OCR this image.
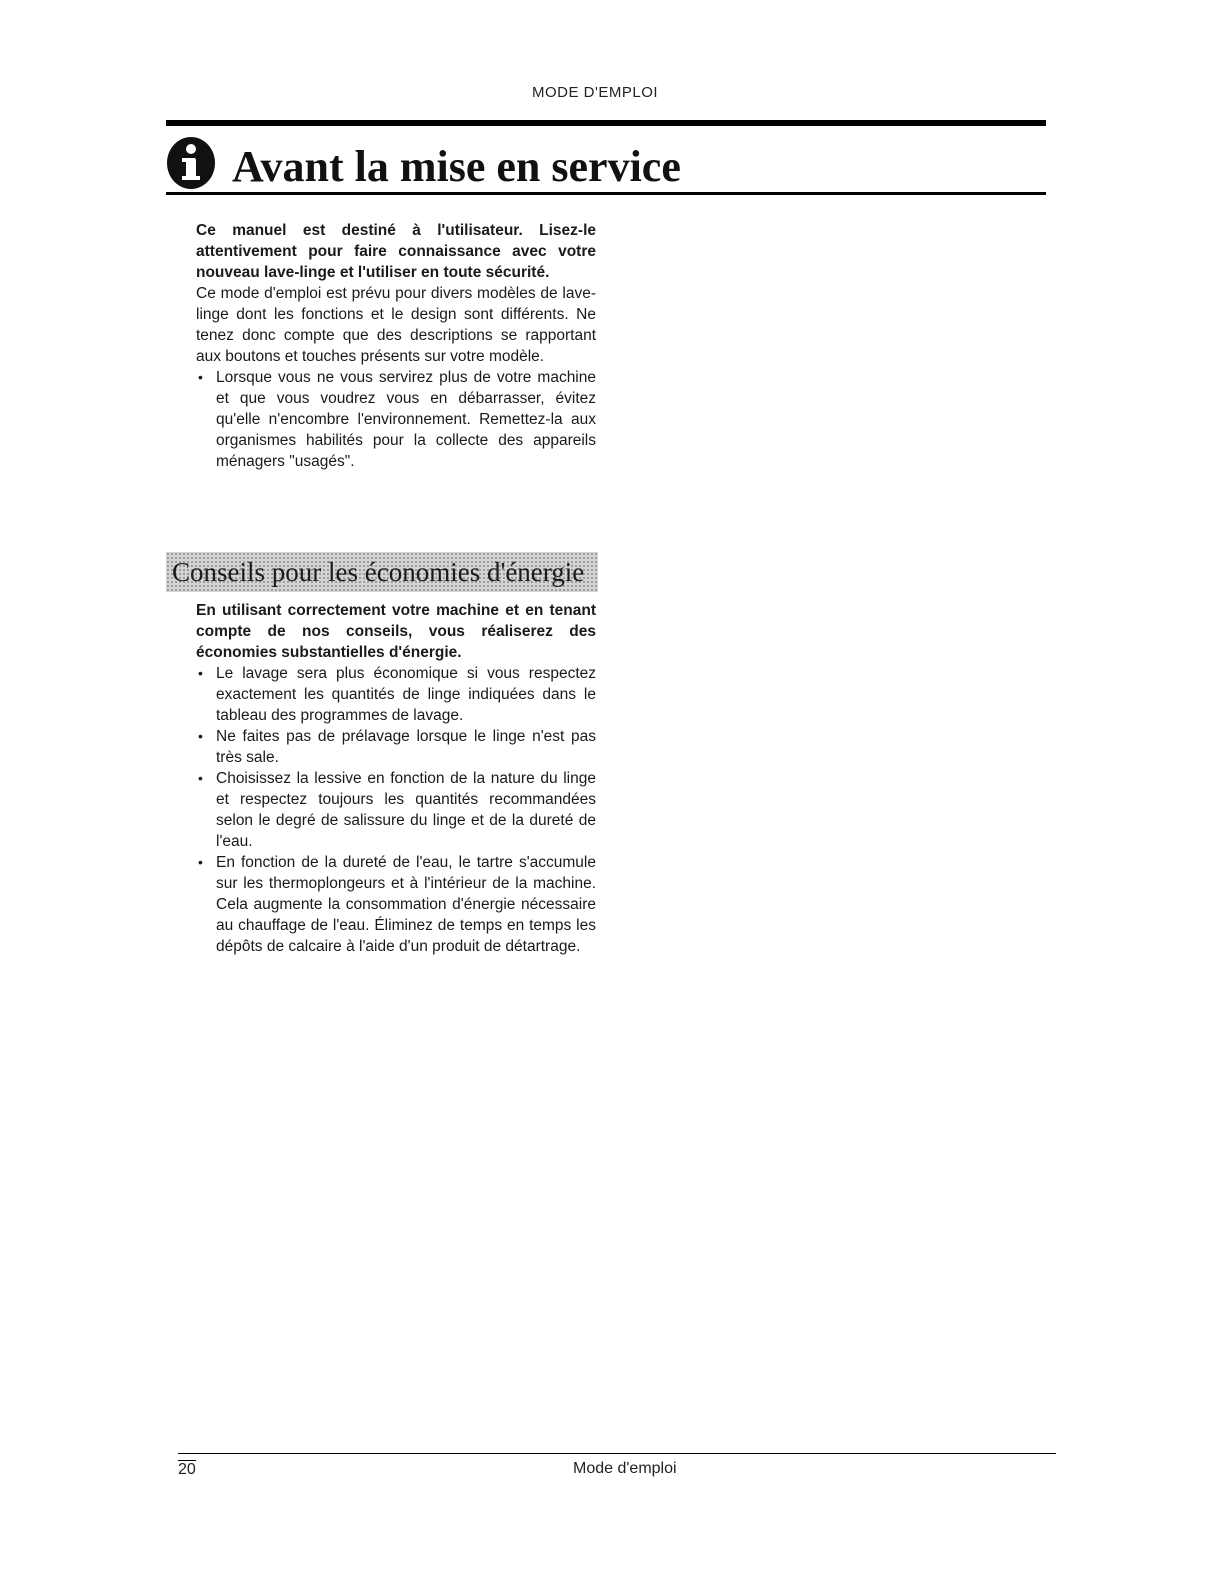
MODE D'EMPLOI
Avant la mise en service

Ce manuel est destiné à l'utilisateur. Lisez-le attentivement pour faire connaissance avec votre nouveau lave-linge et l'utiliser en toute sécurité.

Ce mode d'emploi est prévu pour divers modèles de lave-linge dont les fonctions et le design sont différents. Ne tenez donc compte que des descriptions se rapportant aux boutons et touches présents sur votre modèle.

• Lorsque vous ne vous servirez plus de votre machine et que vous voudrez vous en débarrasser, évitez qu'elle n'encombre l'environnement. Remettez-la aux organismes habilités pour la collecte des appareils ménagers "usagés".
Conseils pour les économies d'énergie

En utilisant correctement votre machine et en tenant compte de nos conseils, vous réaliserez des économies substantielles d'énergie.

• Le lavage sera plus économique si vous respectez exactement les quantités de linge indiquées dans le tableau des programmes de lavage.
• Ne faites pas de prélavage lorsque le linge n'est pas très sale.
• Choisissez la lessive en fonction de la nature du linge et respectez toujours les quantités recommandées selon le degré de salissure du linge et de la dureté de l'eau.
• En fonction de la dureté de l'eau, le tartre s'accumule sur les thermoplongeurs et à l'intérieur de la machine. Cela augmente la consommation d'énergie nécessaire au chauffage de l'eau. Éliminez de temps en temps les dépôts de calcaire à l'aide d'un produit de détartrage.
20	Mode d'emploi
